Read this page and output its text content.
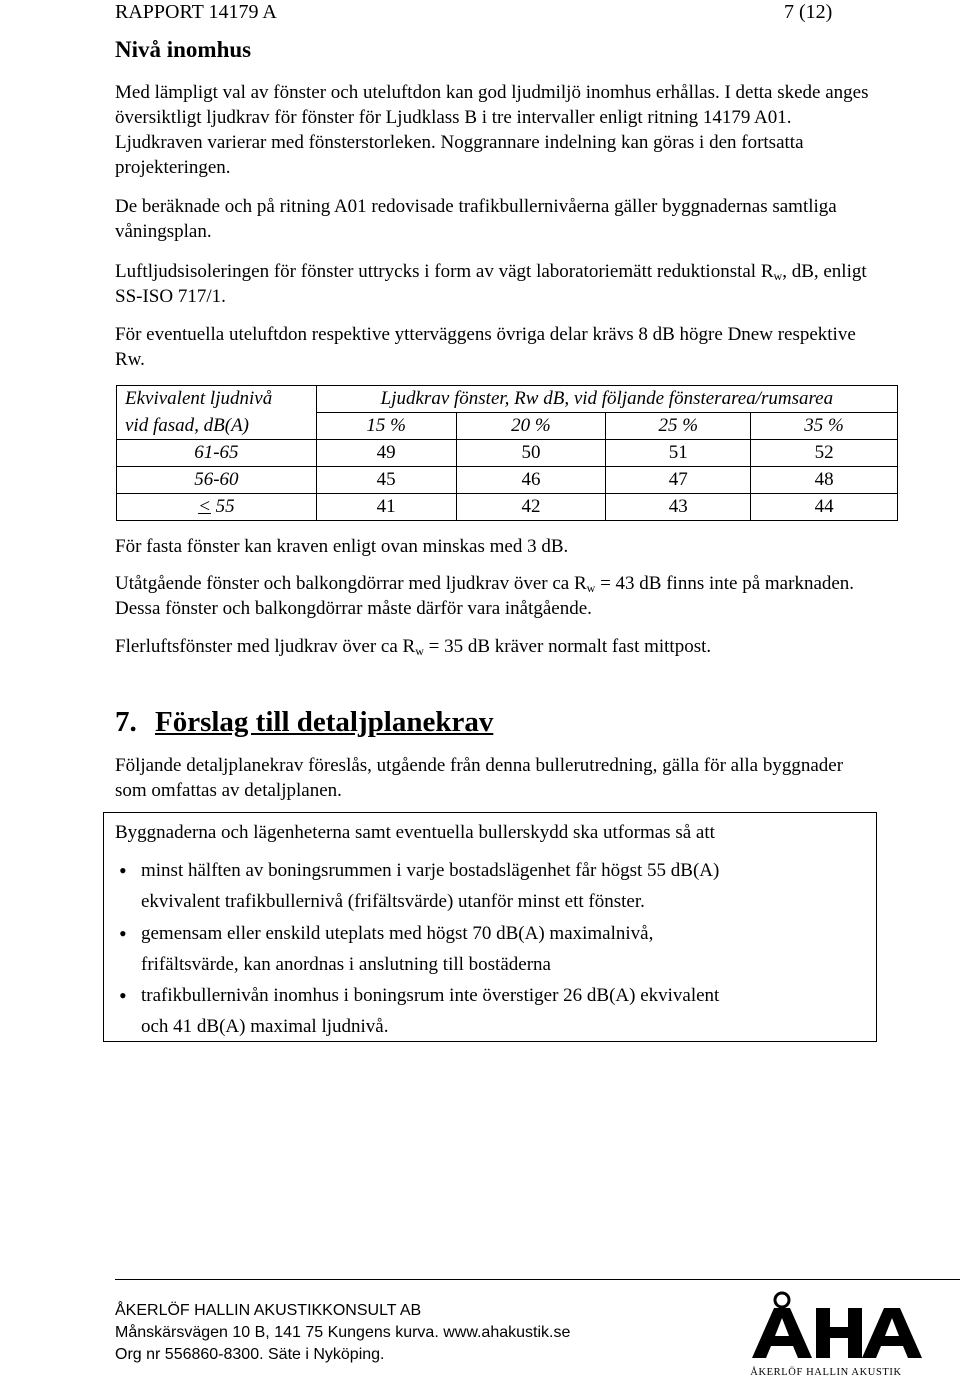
RAPPORT 14179 A	7 (12)
Nivå inomhus
Med lämpligt val av fönster och uteluftdon kan god ljudmiljö inomhus erhållas. I detta skede anges översiktligt ljudkrav för fönster för Ljudklass B i tre intervaller enligt ritning 14179 A01. Ljudkraven varierar med fönsterstorleken. Noggrannare indelning kan göras i den fortsatta projekteringen.
De beräknade och på ritning A01 redovisade trafikbullernivåerna gäller byggnadernas samtliga våningsplan.
Luftljudsisoleringen för fönster uttrycks i form av vägt laboratoriemätt reduktionstal $R_w$, dB, enligt SS-ISO 717/1.
För eventuella uteluftdon respektive ytterväggens övriga delar krävs 8 dB högre Dnew respektive Rw.
Ekvivalent ljudnivå	Ljudkrav fönster, Rw dB, vid följande fönsterarea/rumsarea			
vid fasad, dB(A)	15 %	20 %	25 %	35 %
61-65	49	50	51	52
56-60	45	46	47	48
< 55	41	42	43	44
För fasta fönster kan kraven enligt ovan minskas med 3 dB.
Utåtgående fönster och balkongdörrar med ljudkrav över ca $R_w = 43$ dB finns inte på marknaden. Dessa fönster och balkongdörrar måste därför vara inåtgående.
Flerluftsfönster med ljudkrav över ca $R_w = 35$ dB kräver normalt fast mittpost.
7. Förslag till detaljplanekrav
Följande detaljplanekrav föreslås, utgående från denna bullerutredning, gälla för alla byggnader som omfattas av detaljplanen.
Byggnaderna och lägenheterna samt eventuella bullerskydd ska utformas så att
• minst hälften av boningsrummen i varje bostadslägenhet får högst 55 dB(A)
ekvivalent trafikbullernivå (frifältsvärde) utanför minst ett fönster.
• gemensam eller enskild uteplats med högst 70 dB(A) maximalnivå,
frifältsvärde, kan anordnas i anslutning till bostäderna
• trafikbullernivån inomhus i boningsrum inte överstiger 26 dB(A) ekvivalent
och 41 dB(A) maximal ljudnivå.
ÅKERLÖF HALLIN AKUSTIKKONSULT AB
Månskärsvägen 10 B, 141 75 Kungens kurva. www.ahakustik.se
Org nr 556860-8300. Säte i Nyköping.
ÅKERLÖF HALLIN AKUSTIK
